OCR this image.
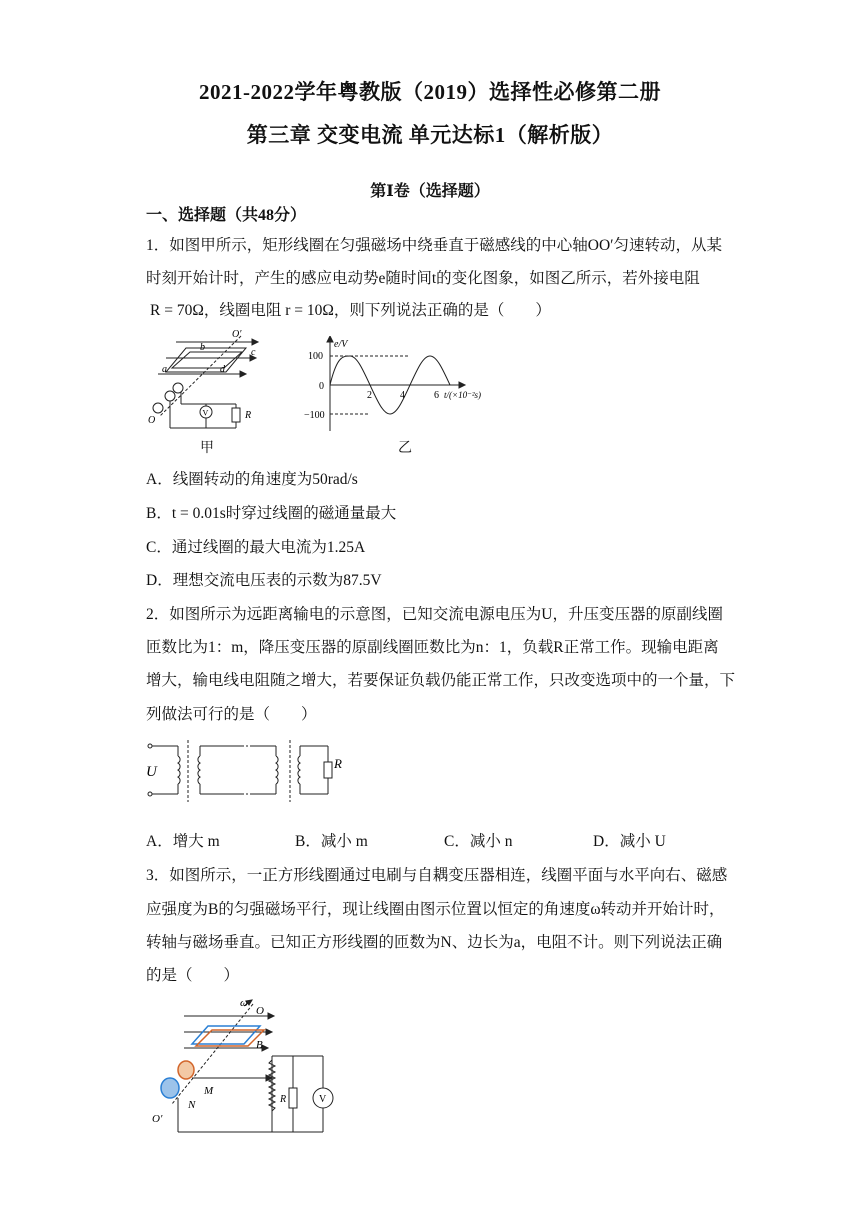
2021-2022学年粤教版（2019）选择性必修第二册
第三章 交变电流 单元达标1（解析版）
第Ⅰ卷（选择题）
一、选择题（共48分）
1．如图甲所示，矩形线圈在匀强磁场中绕垂直于磁感线的中心轴OO′匀速转动，从某
时刻开始计时，产生的感应电动势e随时间t的变化图象，如图乙所示，若外接电阻
R = 70Ω，线圈电阻 r = 10Ω，则下列说法正确的是（　　）
O′
O
a
b	c
d
V	R
甲
e/V
100
0
−100
2	4	6 t/(×10⁻²s)
乙
A．线圈转动的角速度为50rad/s
B．t = 0.01s时穿过线圈的磁通量最大
C．通过线圈的最大电流为1.25A
D．理想交流电压表的示数为87.5V
2．如图所示为远距离输电的示意图，已知交流电源电压为U，升压变压器的原副线圈
匝数比为1：m，降压变压器的原副线圈匝数比为n：1，负载R正常工作。现输电距离
增大，输电线电阻随之增大，若要保证负载仍能正常工作，只改变选项中的一个量，下
列做法可行的是（　　）
U
R
A．增大 m	B．减小 m	C．减小 n	D．减小 U
3．如图所示，一正方形线圈通过电刷与自耦变压器相连，线圈平面与水平向右、磁感
应强度为B的匀强磁场平行，现让线圈由图示位置以恒定的角速度ω转动并开始计时，
转轴与磁场垂直。已知正方形线圈的匝数为N、边长为a，电阻不计。则下列说法正确
的是（　　）
ω
O
B
M
N
O′
R	V
